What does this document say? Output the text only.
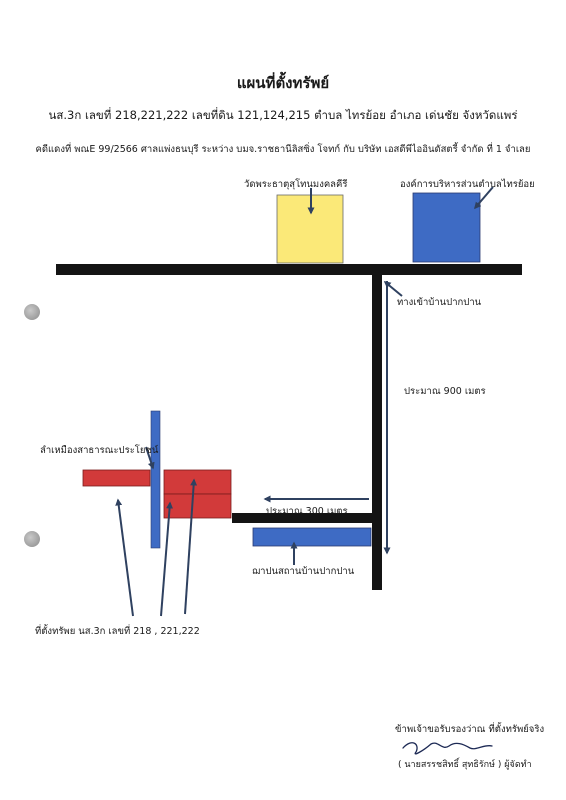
แผนที่ตั้งทรัพย์
นส.3ก เลขที่ 218,221,222 เลขที่ดิน 121,124,215 ตำบล ไทรย้อย อำเภอ เด่นชัย จังหวัดแพร่
คดีแดงที่ พณE 99/2566 ศาลแพ่งธนบุรี ระหว่าง บมจ.ราชธานีลิสซิ่ง โจทก์ กับ บริษัท เอสดีพีไออินดัสตรี้ จำกัด ที่ 1 จำเลย
วัดพระธาตุสุโทนมงคลคีรี	องค์การบริหารส่วนตำบลไทรย้อย
ทางเข้าบ้านปากปาน
ประมาณ 900 เมตร
ลำเหมืองสาธารณะประโยชน์
ประมาณ 300 เมตร
ฌาปนสถานบ้านปากปาน
ที่ตั้งทรัพย นส.3ก เลขที่ 218 , 221,222
ข้าพเจ้าขอรับรองว่าณ ที่ตั้งทรัพย์จริง
( นายสรรชสิทธิ์ สุทธิรักษ์ ) ผู้จัดทำ
